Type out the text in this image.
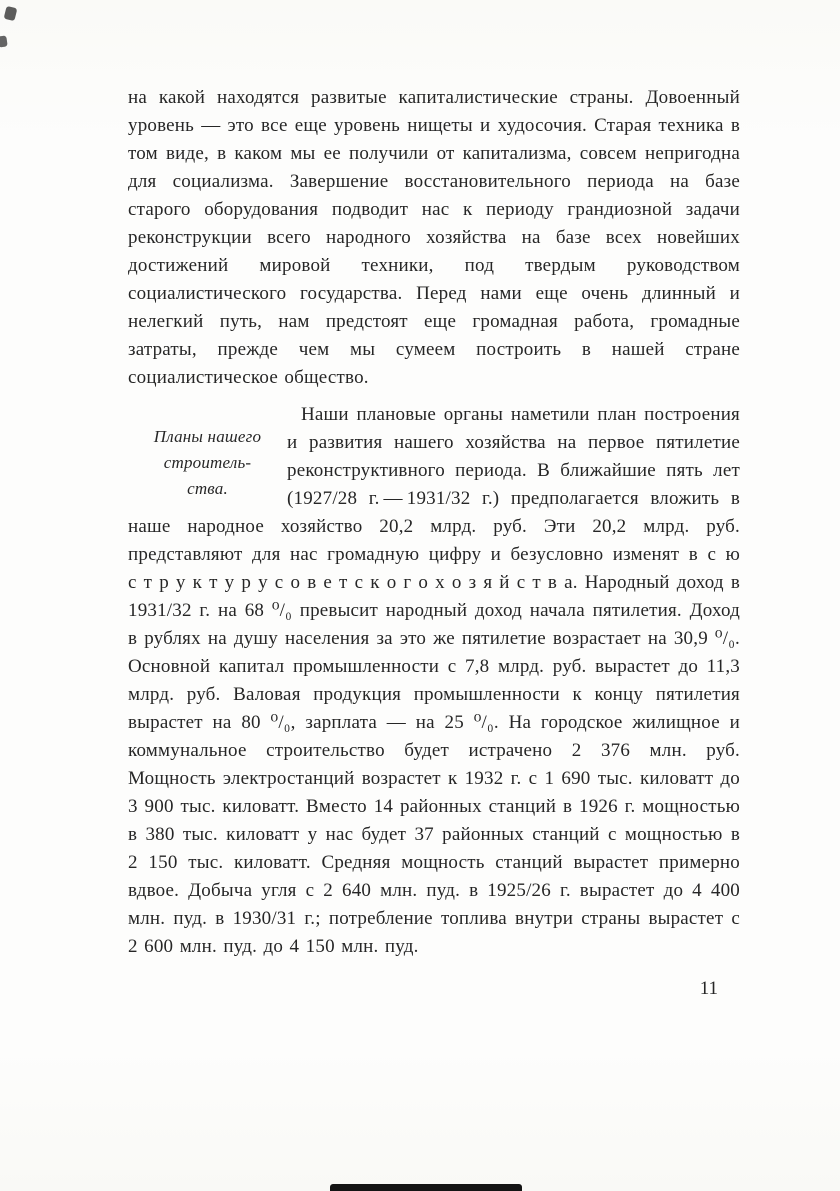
на какой находятся развитые капиталистические страны. Довоенный уровень — это все еще уровень нищеты и худосочия. Старая техника в том виде, в каком мы ее получили от капитализма, совсем непригодна для социализма. Завершение восстановительного периода на базе старого оборудования подводит нас к периоду грандиозной задачи реконструкции всего народного хозяйства на базе всех новейших достижений мировой техники, под твердым руководством социалистического государства. Перед нами еще очень длинный и нелегкий путь, нам предстоят еще громадная работа, громадные затраты, прежде чем мы сумеем построить в нашей стране социалистическое общество.

Планы нашего
строитель-
ства.
Наши плановые органы наметили план построения и развития нашего хозяйства на первое пятилетие реконструктивного периода. В ближайшие пять лет (1927/28 г. — 1931/32 г.) предполагается вложить в наше народное хозяйство 20,2 млрд. руб. Эти 20,2 млрд. руб. представляют для нас громадную цифру и безусловно изменят в с ю с т р у к т у р у с о в е т с к о г о х о з я й с т в а. Народный доход в 1931/32 г. на 68 ⁰/₀ превысит народный доход начала пятилетия. Доход в рублях на душу населения за это же пятилетие возрастает на 30,9 ⁰/₀. Основной капитал промышленности с 7,8 млрд. руб. вырастет до 11,3 млрд. руб. Валовая продукция промышленности к концу пятилетия вырастет на 80 ⁰/₀, зарплата — на 25 ⁰/₀. На городское жилищное и коммунальное строительство будет истрачено 2 376 млн. руб. Мощность электростанций возрастет к 1932 г. с 1 690 тыс. киловатт до 3 900 тыс. киловатт. Вместо 14 районных станций в 1926 г. мощностью в 380 тыс. киловатт у нас будет 37 районных станций с мощностью в 2 150 тыс. киловатт. Средняя мощность станций вырастет примерно вдвое. Добыча угля с 2 640 млн. пуд. в 1925/26 г. вырастет до 4 400 млн. пуд. в 1930/31 г.; потребление топлива внутри страны вырастет с 2 600 млн. пуд. до 4 150 млн. пуд.
11
